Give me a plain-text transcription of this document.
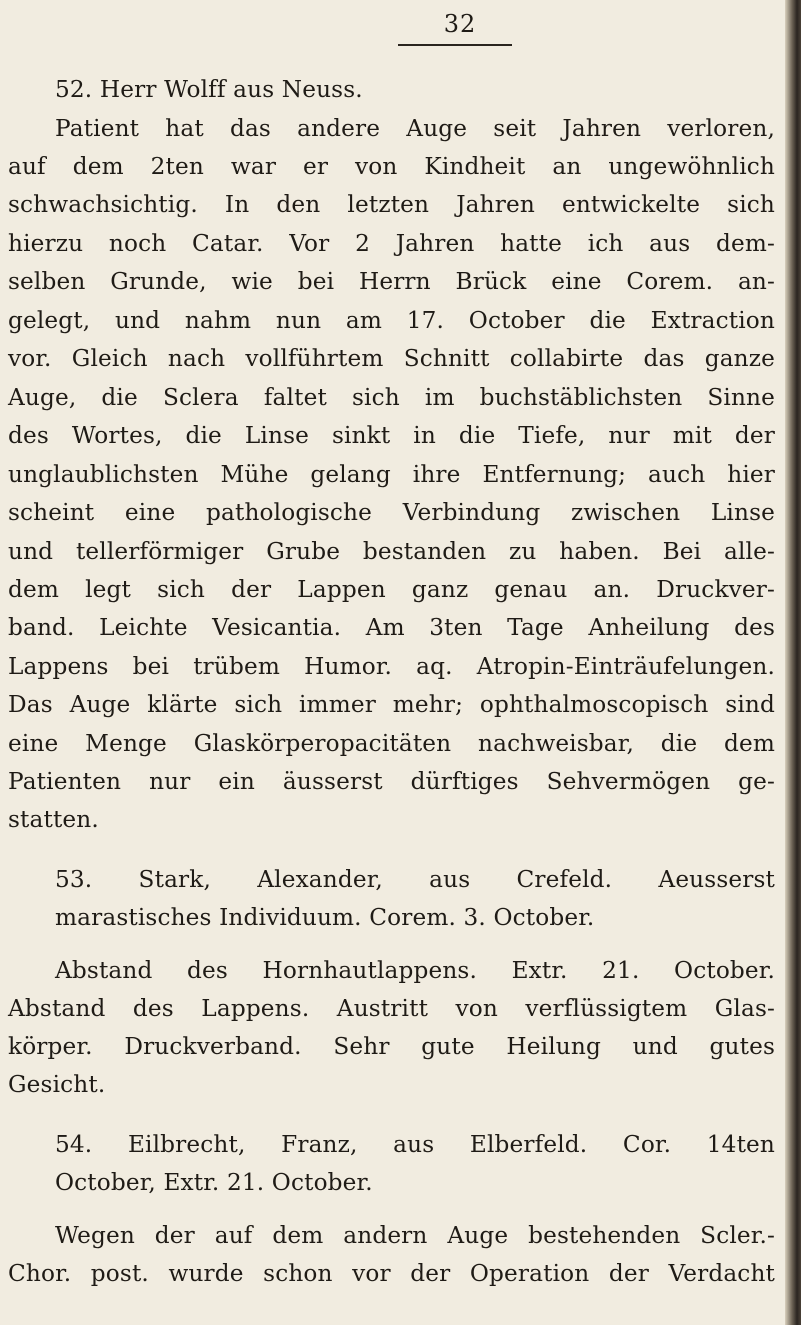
32
52. Herr Wolff aus Neuss.
Patient hat das andere Auge seit Jahren verloren,
auf dem 2ten war er von Kindheit an ungewöhnlich
schwachsichtig. In den letzten Jahren entwickelte sich
hierzu noch Catar. Vor 2 Jahren hatte ich aus dem-
selben Grunde, wie bei Herrn Brück eine Corem. an-
gelegt, und nahm nun am 17. October die Extraction
vor. Gleich nach vollführtem Schnitt collabirte das ganze
Auge, die Sclera faltet sich im buchstäblichsten Sinne
des Wortes, die Linse sinkt in die Tiefe, nur mit der
unglaublichsten Mühe gelang ihre Entfernung; auch hier
scheint eine pathologische Verbindung zwischen Linse
und tellerförmiger Grube bestanden zu haben. Bei alle-
dem legt sich der Lappen ganz genau an. Druckver-
band. Leichte Vesicantia. Am 3ten Tage Anheilung des
Lappens bei trübem Humor. aq. Atropin-Einträufelungen.
Das Auge klärte sich immer mehr; ophthalmoscopisch sind
eine Menge Glaskörperopacitäten nachweisbar, die dem
Patienten nur ein äusserst dürftiges Sehvermögen ge-
statten.
53. Stark, Alexander, aus Crefeld. Aeusserst
marastisches Individuum. Corem. 3. October.
Abstand des Hornhautlappens. Extr. 21. October.
Abstand des Lappens. Austritt von verflüssigtem Glas-
körper. Druckverband. Sehr gute Heilung und gutes
Gesicht.
54. Eilbrecht, Franz, aus Elberfeld. Cor. 14ten
October, Extr. 21. October.
Wegen der auf dem andern Auge bestehenden Scler.-
Chor. post. wurde schon vor der Operation der Verdacht
